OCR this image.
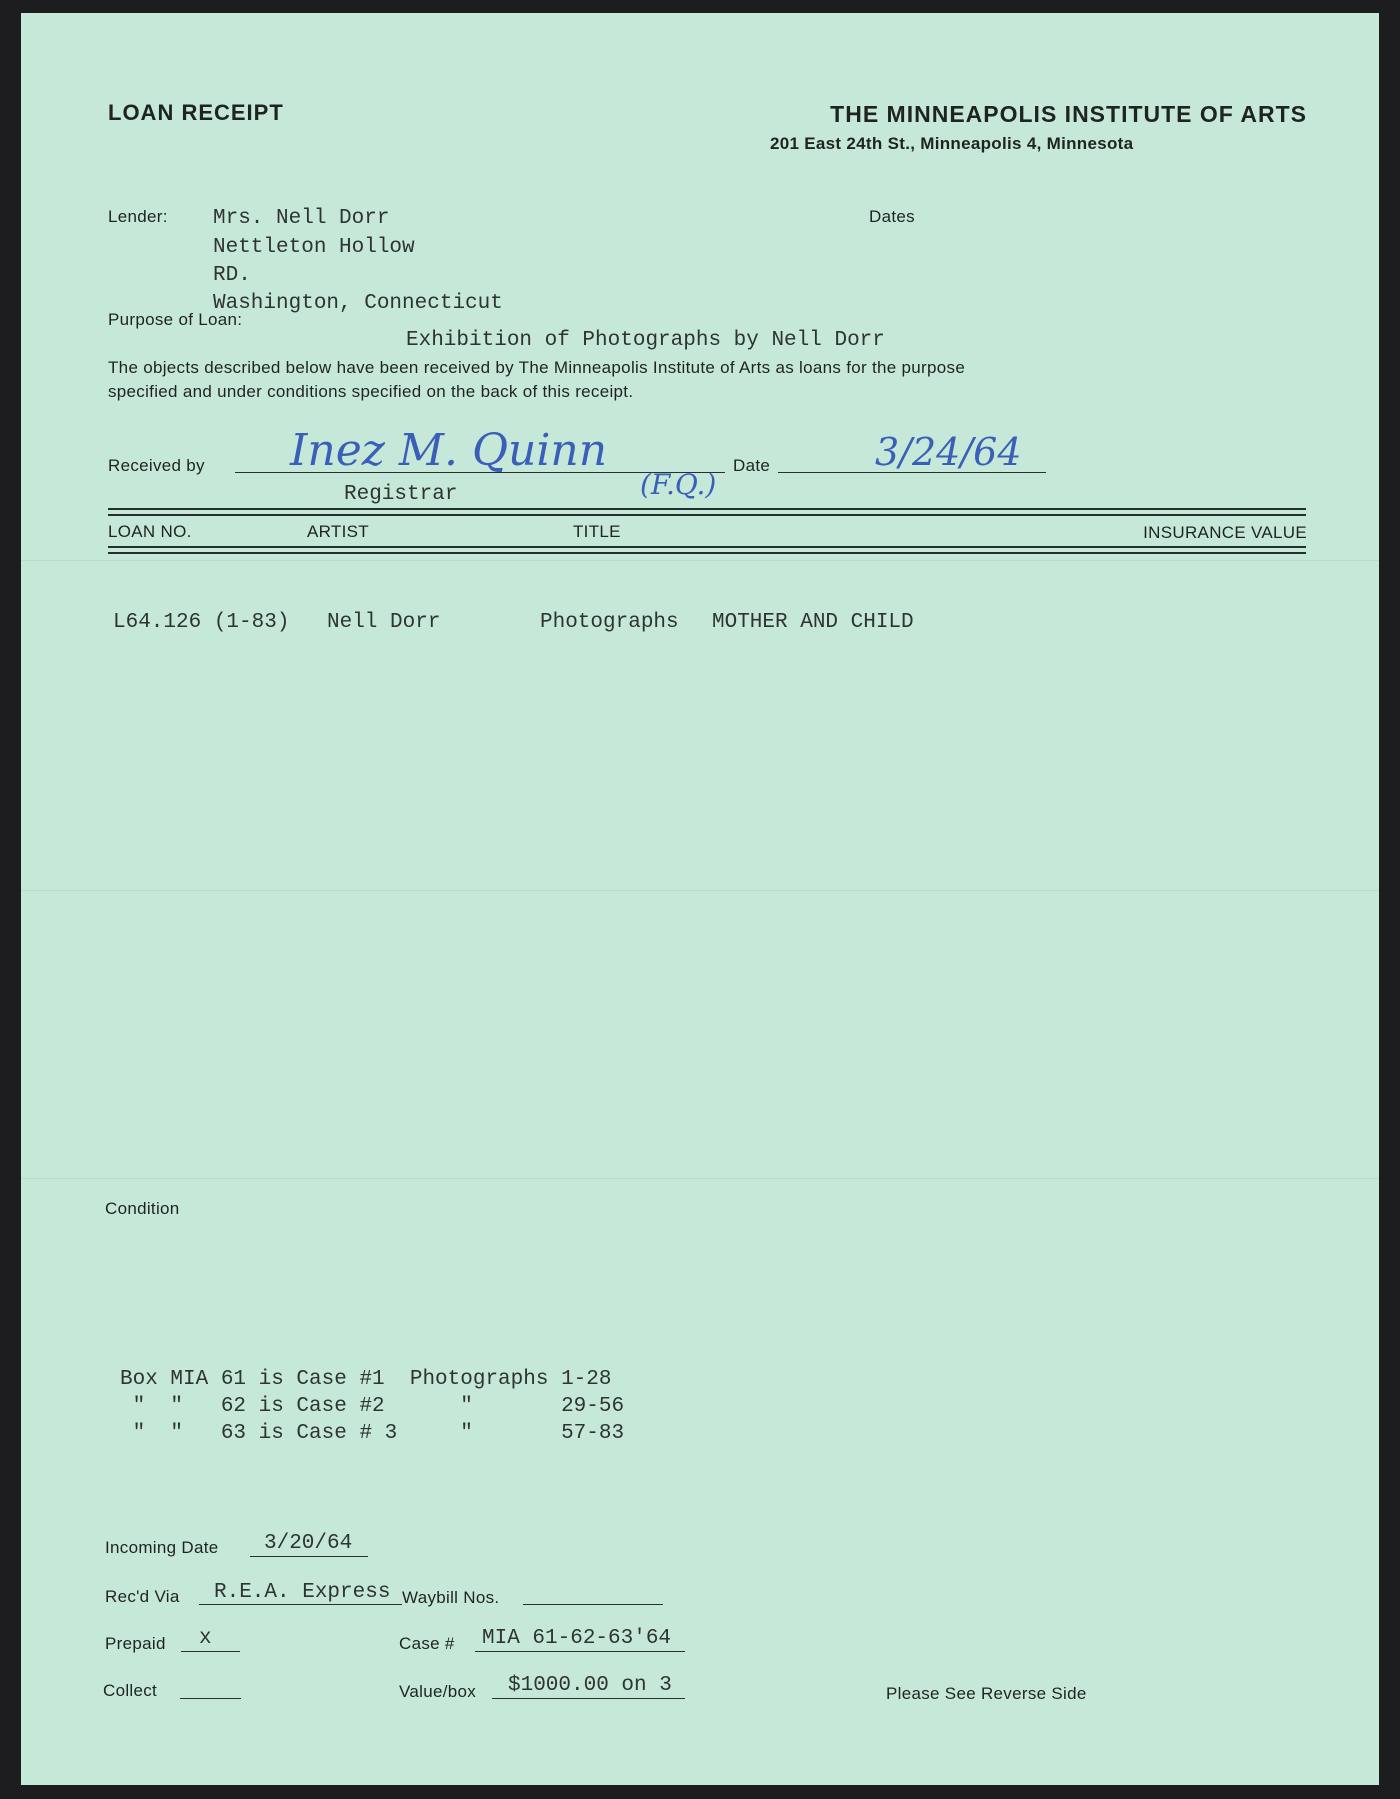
LOAN RECEIPT	THE MINNEAPOLIS INSTITUTE OF ARTS
201 East 24th St., Minneapolis 4, Minnesota
Lender: Mrs. Nell Dorr
Nettleton Hollow
RD.
Washington, Connecticut
Dates
Purpose of Loan:
Exhibition of Photographs by Nell Dorr
The objects described below have been received by The Minneapolis Institute of Arts as loans for the purpose
specified and under conditions specified on the back of this receipt.
Received by Inez M. Quinn
(F.Q.)
Registrar
Date	3/24/64
LOAN NO.	ARTIST	TITLE	INSURANCE VALUE
L64.126 (1-83) Nell Dorr	Photographs MOTHER AND CHILD
Condition
Box MIA 61 is Case #1  Photographs 1-28
"  "   62 is Case #2      "       29-56
"  "   63 is Case # 3     "       57-83
Incoming Date 3/20/64
Rec'd Via R.E.A. Express Waybill Nos.
Prepaid x	Case # MIA 61-62-63'64
Collect	Value/box $1000.00 on 3	Please See Reverse Side
